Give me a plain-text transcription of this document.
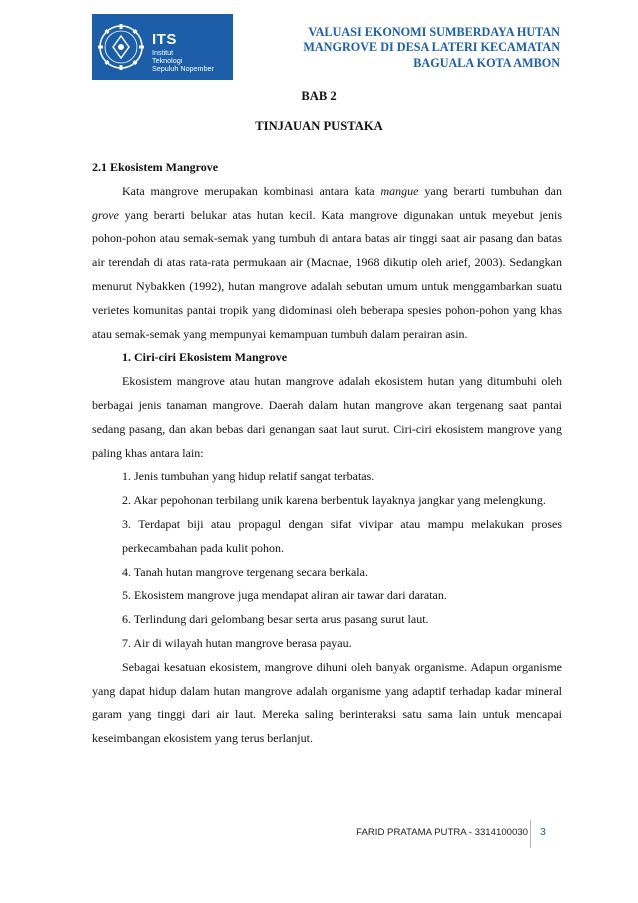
ITS
Institut
Teknologi
Sepuluh Nopember
VALUASI EKONOMI SUMBERDAYA HUTAN
MANGROVE DI DESA LATERI KECAMATAN
BAGUALA KOTA AMBON
BAB 2
TINJAUAN PUSTAKA

2.1 Ekosistem Mangrove

Kata mangrove merupakan kombinasi antara kata mangue yang berarti tumbuhan dan grove yang berarti belukar atas hutan kecil. Kata mangrove digunakan untuk meyebut jenis pohon-pohon atau semak-semak yang tumbuh di antara batas air tinggi saat air pasang dan batas air terendah di atas rata-rata permukaan air (Macnae, 1968 dikutip oleh arief, 2003). Sedangkan menurut Nybakken (1992), hutan mangrove adalah sebutan umum untuk menggambarkan suatu verietes komunitas pantai tropik yang didominasi oleh beberapa spesies pohon-pohon yang khas atau semak-semak yang mempunyai kemampuan tumbuh dalam perairan asin.

1. Ciri-ciri Ekosistem Mangrove

Ekosistem mangrove atau hutan mangrove adalah ekosistem hutan yang ditumbuhi oleh berbagai jenis tanaman mangrove. Daerah dalam hutan mangrove akan tergenang saat pantai sedang pasang, dan akan bebas dari genangan saat laut surut. Ciri-ciri ekosistem mangrove yang paling khas antara lain:

1. Jenis tumbuhan yang hidup relatif sangat terbatas.

2. Akar pepohonan terbilang unik karena berbentuk layaknya jangkar yang melengkung.

3. Terdapat biji atau propagul dengan sifat vivipar atau mampu melakukan proses perkecambahan pada kulit pohon.

4. Tanah hutan mangrove tergenang secara berkala.

5. Ekosistem mangrove juga mendapat aliran air tawar dari daratan.

6. Terlindung dari gelombang besar serta arus pasang surut laut.

7. Air di wilayah hutan mangrove berasa payau.

Sebagai kesatuan ekosistem, mangrove dihuni oleh banyak organisme. Adapun organisme yang dapat hidup dalam hutan mangrove adalah organisme yang adaptif terhadap kadar mineral garam yang tinggi dari air laut. Mereka saling berinteraksi satu sama lain untuk mencapai keseimbangan ekosistem yang terus berlanjut.

FARID PRATAMA PUTRA - 3314100030 3
